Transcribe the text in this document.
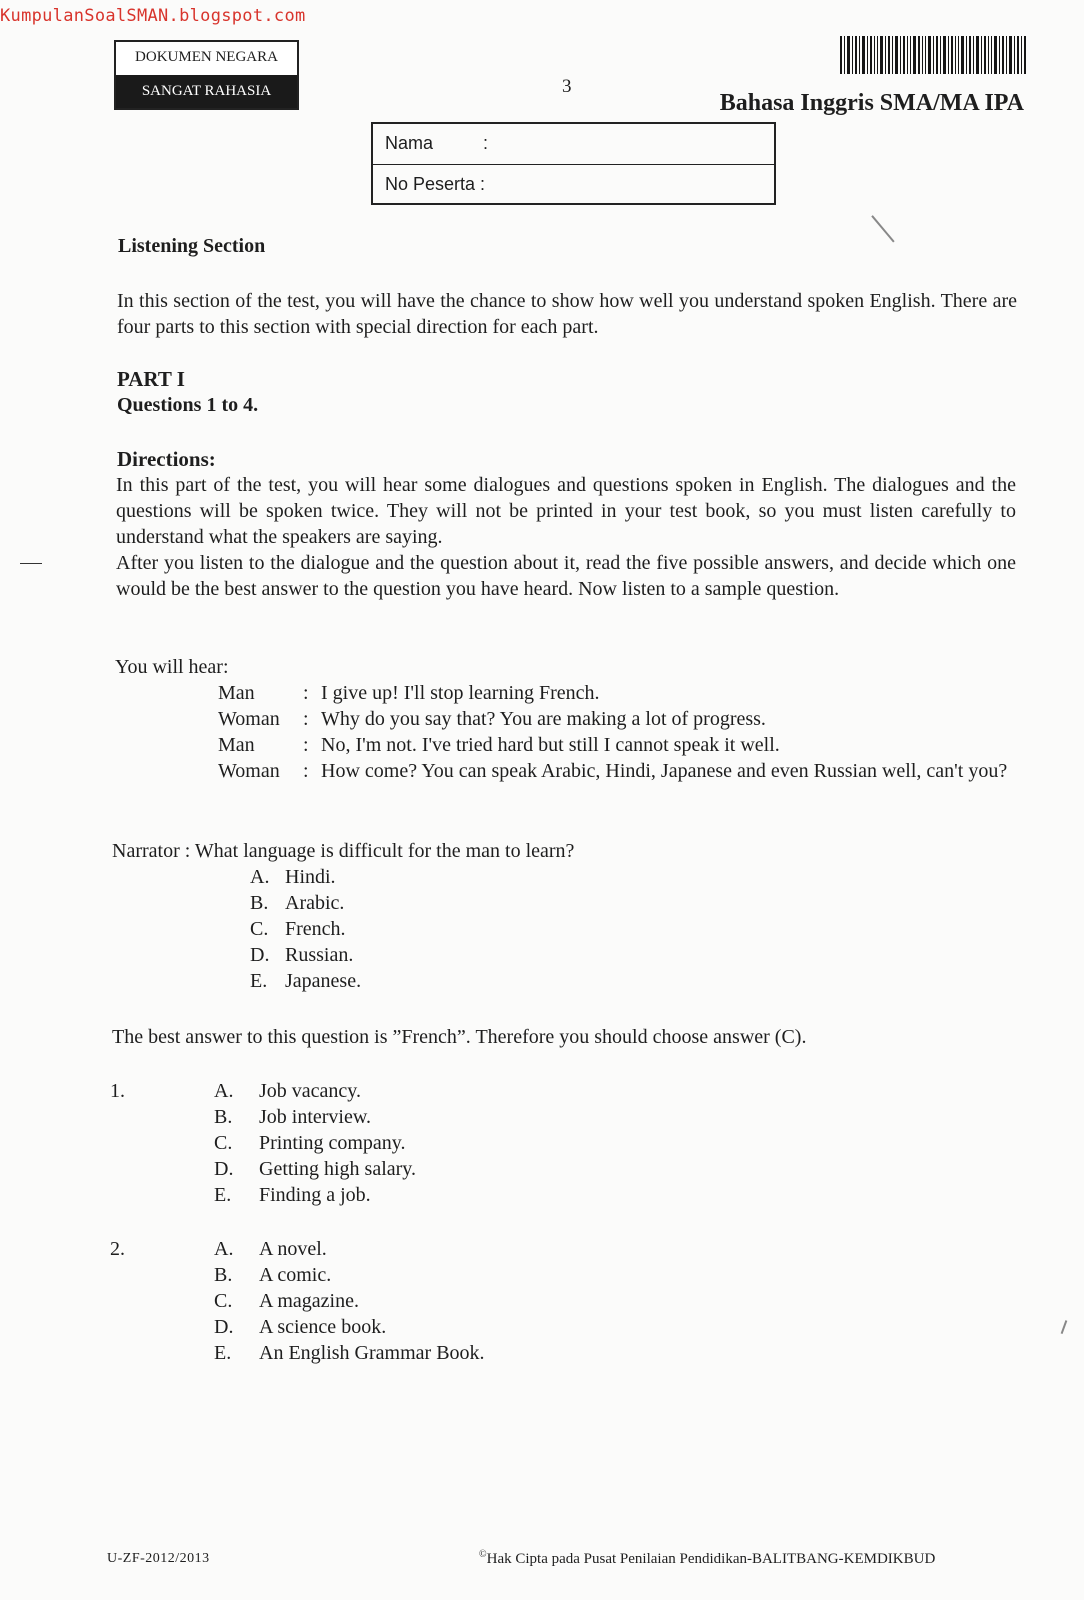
KumpulanSoalSMAN.blogspot.com
DOKUMEN NEGARA
SANGAT RAHASIA	3
Bahasa Inggris SMA/MA IPA
Nama	:
No Peserta :
Listening Section
In this section of the test, you will have the chance to show how well you understand spoken English. There are four parts to this section with special direction for each part.
PART I
Questions 1 to 4.
Directions:
In this part of the test, you will hear some dialogues and questions spoken in English. The dialogues and the questions will be spoken twice. They will not be printed in your test book, so you must listen carefully to understand what the speakers are saying.
After you listen to the dialogue and the question about it, read the five possible answers, and decide which one would be the best answer to the question you have heard. Now listen to a sample question.
You will hear:
Man	: I give up! I'll stop learning French.
Woman	: Why do you say that? You are making a lot of progress.
Man	: No, I'm not. I've tried hard but still I cannot speak it well.
Woman	: How come? You can speak Arabic, Hindi, Japanese and even Russian well, can't you?
Narrator : What language is difficult for the man to learn?
A. Hindi.
B. Arabic.
C. French.
D. Russian.
E. Japanese.
The best answer to this question is ”French”. Therefore you should choose answer (C).
1.	A. Job vacancy.
B. Job interview.
C. Printing company.
D. Getting high salary.
E. Finding a job.
2.	A. A novel.
B. A comic.
C. A magazine.
D. A science book.
E. An English Grammar Book.
U-ZF-2012/2013	©Hak Cipta pada Pusat Penilaian Pendidikan-BALITBANG-KEMDIKBUD
